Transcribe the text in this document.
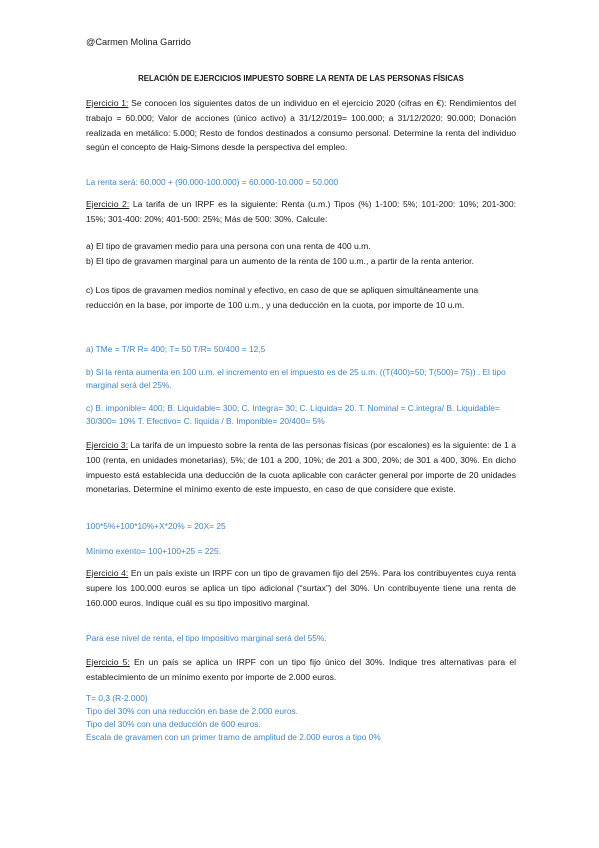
@Carmen Molina Garrido
RELACIÓN DE EJERCICIOS IMPUESTO SOBRE LA RENTA DE LAS PERSONAS FÍSICAS
Ejercicio 1: Se conocen los siguientes datos de un individuo en el ejercicio 2020 (cifras en €): Rendimientos del trabajo = 60.000; Valor de acciones (único activo) a 31/12/2019= 100.000; a 31/12/2020: 90.000; Donación realizada en metálico: 5.000; Resto de fondos destinados a consumo personal. Determine la renta del individuo según el concepto de Haig-Simons desde la perspectiva del empleo.
La renta será: 60.000 + (90.000-100.000) = 60.000-10.000 = 50.000
Ejercicio 2: La tarifa de un IRPF es la siguiente: Renta (u.m.) Tipos (%) 1-100: 5%; 101-200: 10%; 201-300: 15%; 301-400: 20%; 401-500: 25%; Más de 500: 30%. Calcule:
a) El tipo de gravamen medio para una persona con una renta de 400 u.m.
b) El tipo de gravamen marginal para un aumento de la renta de 100 u.m., a partir de la renta anterior.
c) Los tipos de gravamen medios nominal y efectivo, en caso de que se apliquen simultáneamente una reducción en la base, por importe de 100 u.m., y una deducción en la cuota, por importe de 10 u.m.
a) TMe = T/R R= 400; T= 50 T/R= 50/400 = 12,5
b) Si la renta aumenta en 100 u.m. el incremento en el impuesto es de 25 u.m. ((T(400)=50; T(500)= 75)) . El tipo marginal será del 25%.
c) B. imponible= 400; B. Liquidable= 300; C. Integra= 30; C. Líquida= 20. T. Nominal = C.integra/ B. Liquidable= 30/300= 10% T. Efectivo= C. líquida / B. Imponible= 20/400= 5%
Ejercicio 3: La tarifa de un impuesto sobre la renta de las personas físicas (por escalones) es la siguiente: de 1 a 100 (renta, en unidades monetarias), 5%; de 101 a 200, 10%; de 201 a 300, 20%; de 301 a 400, 30%. En dicho impuesto está establecida una deducción de la cuota aplicable con carácter general por importe de 20 unidades monetarias. Determine el mínimo exento de este impuesto, en caso de que considere que existe.
100*5%+100*10%+X*20% = 20X= 25
Mínimo exento= 100+100+25 = 225.
Ejercicio 4: En un país existe un IRPF con un tipo de gravamen fijo del 25%. Para los contribuyentes cuya renta supere los 100.000 euros se aplica un tipo adicional (“surtax”) del 30%. Un contribuyente tiene una renta de 160.000 euros. Indique cuál es su tipo impositivo marginal.
Para ese nivel de renta, el tipo impositivo marginal será del 55%.
Ejercicio 5: En un país se aplica un IRPF con un tipo fijo único del 30%. Indique tres alternativas para el establecimiento de un mínimo exento por importe de 2.000 euros.
T= 0,3 (R-2.000)
Tipo del 30% con una reducción en base de 2.000 euros.
Tipo del 30% con una deducción de 600 euros.
Escala de gravamen con un primer tramo de amplitud de 2.000 euros a tipo 0%
